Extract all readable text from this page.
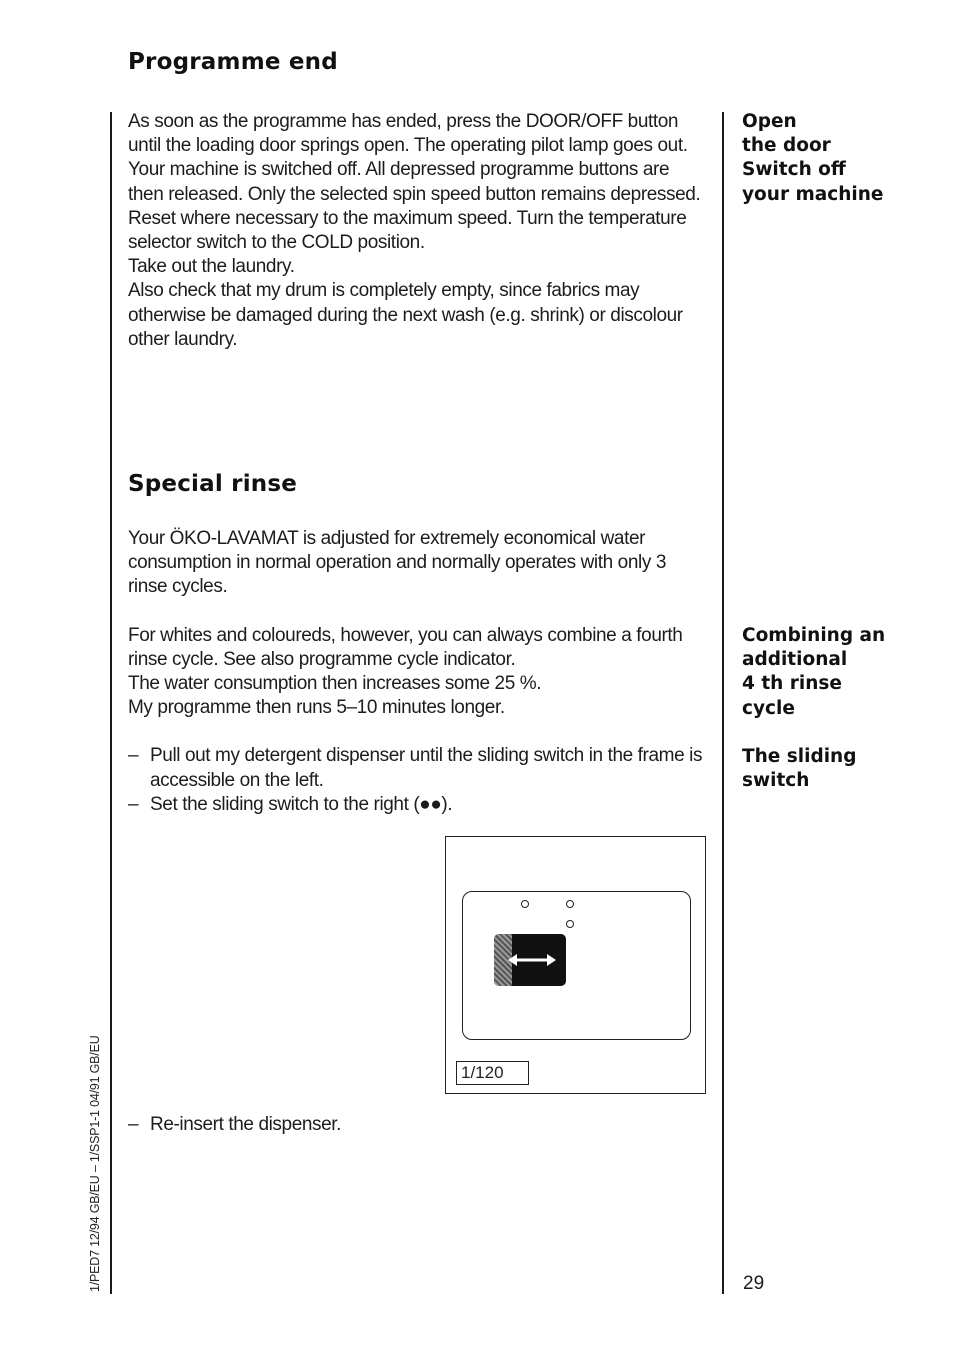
Programme end

As soon as the programme has ended, press the DOOR/OFF button until the loading door springs open. The operating pilot lamp goes out. Your machine is switched off. All depressed programme buttons are then released. Only the selected spin speed button remains depressed. Reset where necessary to the maximum speed. Turn the temperature selector switch to the COLD position.

Take out the laundry.

Also check that my drum is completely empty, since fabrics may otherwise be damaged during the next wash (e.g. shrink) or discolour other laundry.

Open
the door
Switch off
your machine
Special rinse

Your ÖKO-LAVAMAT is adjusted for extremely economical water consumption in normal operation and normally operates with only 3 rinse cycles.

For whites and coloureds, however, you can always combine a fourth rinse cycle. See also programme cycle indicator.

The water consumption then increases some 25 %.

My programme then runs 5–10 minutes longer.

– Pull out my detergent dispenser until the sliding switch in the frame is accessible on the left.
– Set the sliding switch to the right (●●).
Combining an
additional
4 th rinse
cycle
The sliding
switch
1/120
– Re-insert the dispenser.
1/PED7 12/94 GB/EU – 1/SSP1-1 04/91 GB/EU	29
